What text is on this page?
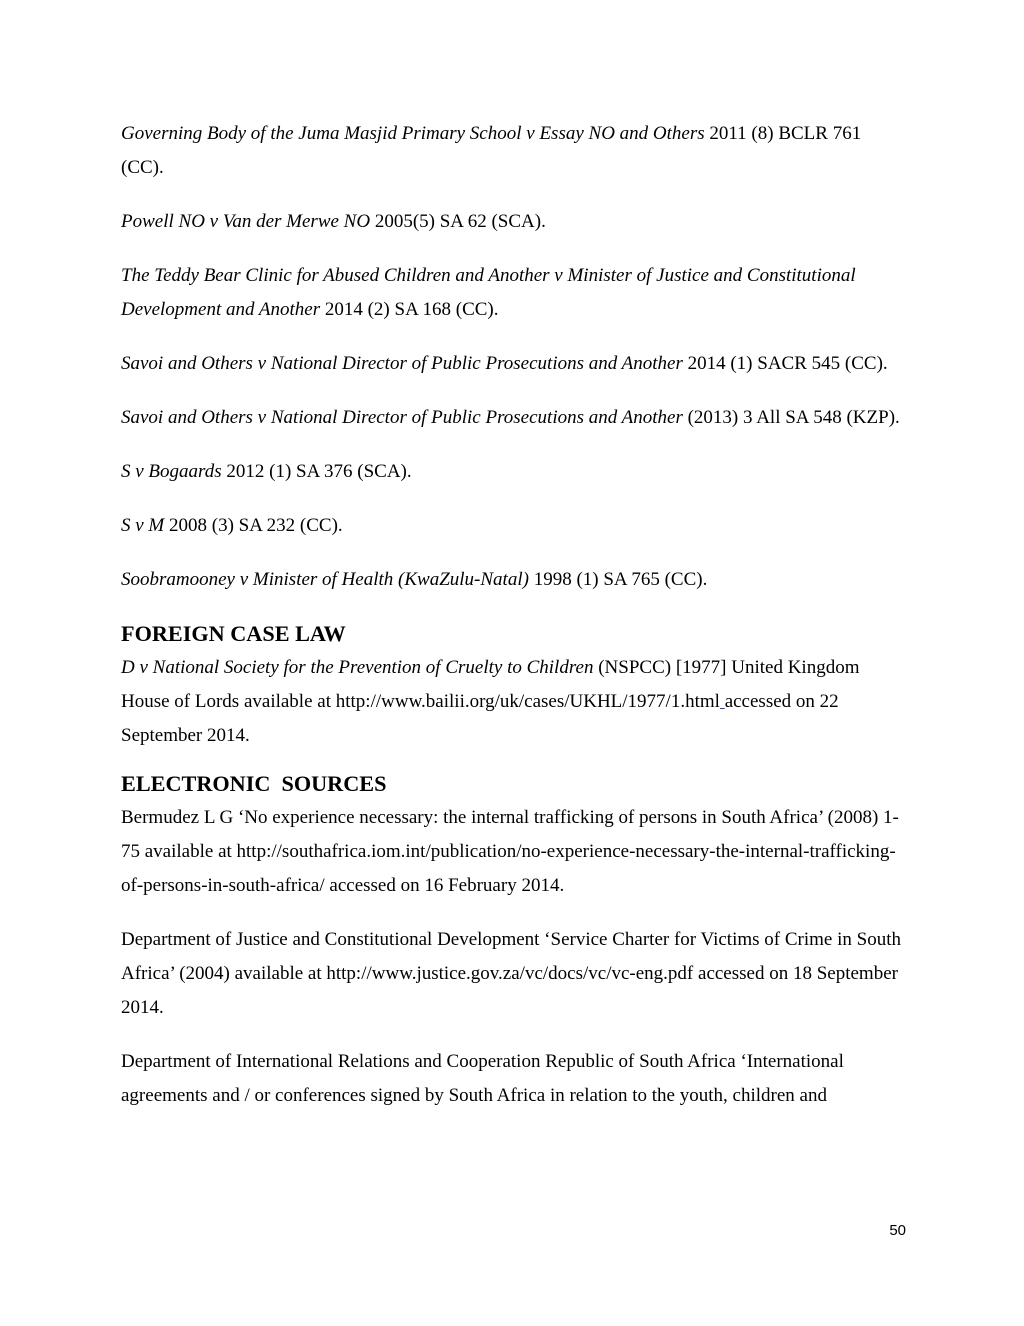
Governing Body of the Juma Masjid Primary School v Essay NO and Others 2011 (8) BCLR 761 (CC).

Powell NO v Van der Merwe NO 2005(5) SA 62 (SCA).

The Teddy Bear Clinic for Abused Children and Another v Minister of Justice and Constitutional Development and Another 2014 (2) SA 168 (CC).

Savoi and Others v National Director of Public Prosecutions and Another 2014 (1) SACR 545 (CC).

Savoi and Others v National Director of Public Prosecutions and Another (2013) 3 All SA 548 (KZP).

S v Bogaards 2012 (1) SA 376 (SCA).

S v M 2008 (3) SA 232 (CC).

Soobramooney v Minister of Health (KwaZulu-Natal) 1998 (1) SA 765 (CC).

FOREIGN CASE LAW

D v National Society for the Prevention of Cruelty to Children (NSPCC) [1977] United Kingdom House of Lords available at http://www.bailii.org/uk/cases/UKHL/1977/1.html accessed on 22 September 2014.

ELECTRONIC  SOURCES

Bermudez L G ‘No experience necessary: the internal trafficking of persons in South Africa’ (2008) 1-75 available at http://southafrica.iom.int/publication/no-experience-necessary-the-internal-trafficking-of-persons-in-south-africa/ accessed on 16 February 2014.

Department of Justice and Constitutional Development ‘Service Charter for Victims of Crime in South Africa’ (2004) available at http://www.justice.gov.za/vc/docs/vc/vc-eng.pdf accessed on 18 September 2014.

Department of International Relations and Cooperation Republic of South Africa ‘International agreements and / or conferences signed by South Africa in relation to the youth, children and

50
